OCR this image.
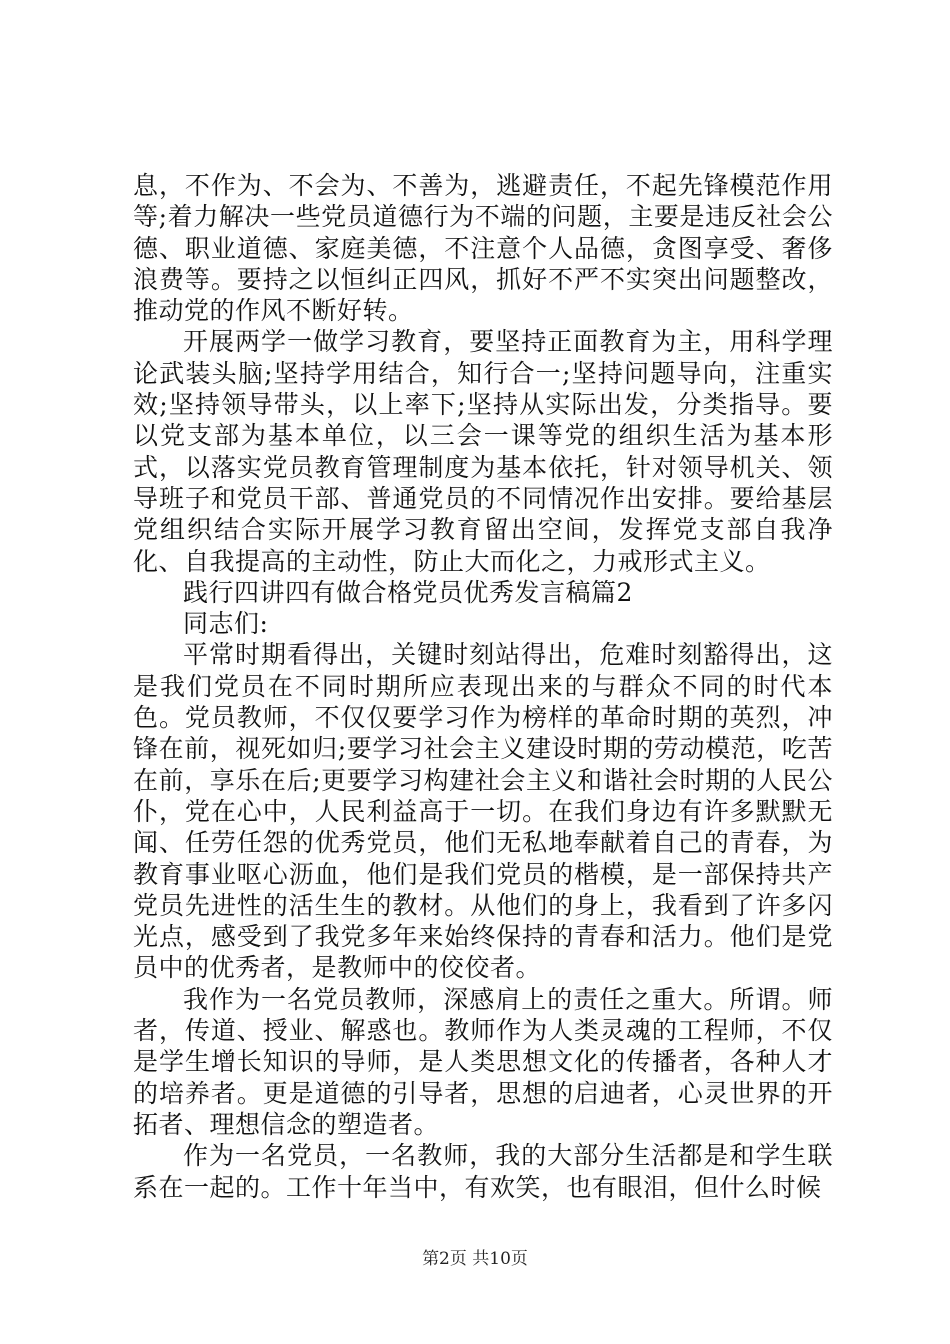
息，不作为、不会为、不善为，逃避责任，不起先锋模范作用等;着力解决一些党员道德行为不端的问题，主要是违反社会公德、职业道德、家庭美德，不注意个人品德，贪图享受、奢侈浪费等。要持之以恒纠正四风，抓好不严不实突出问题整改，推动党的作风不断好转。

开展两学一做学习教育，要坚持正面教育为主，用科学理论武装头脑;坚持学用结合，知行合一;坚持问题导向，注重实效;坚持领导带头，以上率下;坚持从实际出发，分类指导。要以党支部为基本单位，以三会一课等党的组织生活为基本形式，以落实党员教育管理制度为基本依托，针对领导机关、领导班子和党员干部、普通党员的不同情况作出安排。要给基层党组织结合实际开展学习教育留出空间，发挥党支部自我净化、自我提高的主动性，防止大而化之，力戒形式主义。

践行四讲四有做合格党员优秀发言稿篇2

同志们:

平常时期看得出，关键时刻站得出，危难时刻豁得出，这是我们党员在不同时期所应表现出来的与群众不同的时代本色。党员教师，不仅仅要学习作为榜样的革命时期的英烈，冲锋在前，视死如归;要学习社会主义建设时期的劳动模范，吃苦在前，享乐在后;更要学习构建社会主义和谐社会时期的人民公仆，党在心中，人民利益高于一切。在我们身边有许多默默无闻、任劳任怨的优秀党员，他们无私地奉献着自己的青春，为教育事业呕心沥血，他们是我们党员的楷模，是一部保持共产党员先进性的活生生的教材。从他们的身上，我看到了许多闪光点，感受到了我党多年来始终保持的青春和活力。他们是党员中的优秀者，是教师中的佼佼者。

我作为一名党员教师，深感肩上的责任之重大。所谓。师者，传道、授业、解惑也。教师作为人类灵魂的工程师，不仅是学生增长知识的导师，是人类思想文化的传播者，各种人才的培养者。更是道德的引导者，思想的启迪者，心灵世界的开拓者、理想信念的塑造者。

作为一名党员，一名教师，我的大部分生活都是和学生联系在一起的。工作十年当中，有欢笑，也有眼泪，但什么时候

第2页 共10页
